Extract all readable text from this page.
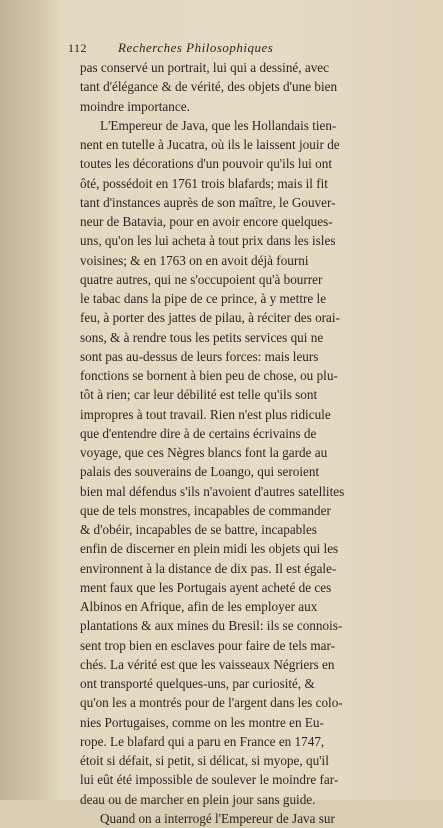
112	Recherches Philosophiques
pas conservé un portrait, lui qui a dessiné, avec
tant d'élégance & de vérité, des objets d'une bien
moindre importance.
L'Empereur de Java, que les Hollandais tien-
nent en tutelle à Jucatra, où ils le laissent jouir de
toutes les décorations d'un pouvoir qu'ils lui ont
ôté, possédoit en 1761 trois blafards; mais il fit
tant d'instances auprès de son maître, le Gouver-
neur de Batavia, pour en avoir encore quelques-
uns, qu'on les lui acheta à tout prix dans les isles
voisines; & en 1763 on en avoit déjà fourni
quatre autres, qui ne s'occupoient qu'à bourrer
le tabac dans la pipe de ce prince, à y mettre le
feu, à porter des jattes de pilau, à réciter des orai-
sons, & à rendre tous les petits services qui ne
sont pas au-dessus de leurs forces: mais leurs
fonctions se bornent à bien peu de chose, ou plu-
tôt à rien; car leur débilité est telle qu'ils sont
impropres à tout travail. Rien n'est plus ridicule
que d'entendre dire à de certains écrivains de
voyage, que ces Nègres blancs font la garde au
palais des souverains de Loango, qui seroient
bien mal défendus s'ils n'avoient d'autres satellites
que de tels monstres, incapables de commander
& d'obéir, incapables de se battre, incapables
enfin de discerner en plein midi les objets qui les
environnent à la distance de dix pas. Il est égale-
ment faux que les Portugais ayent acheté de ces
Albinos en Afrique, afin de les employer aux
plantations & aux mines du Bresil: ils se connois-
sent trop bien en esclaves pour faire de tels mar-
chés. La vérité est que les vaisseaux Négriers en
ont transporté quelques-uns, par curiosité, &
qu'on les a montrés pour de l'argent dans les colo-
nies Portugaises, comme on les montre en Eu-
rope. Le blafard qui a paru en France en 1747,
étoit si défait, si petit, si délicat, si myope, qu'il
lui eût été impossible de soulever le moindre far-
deau ou de marcher en plein jour sans guide.
Quand on a interrogé l'Empereur de Java sur
